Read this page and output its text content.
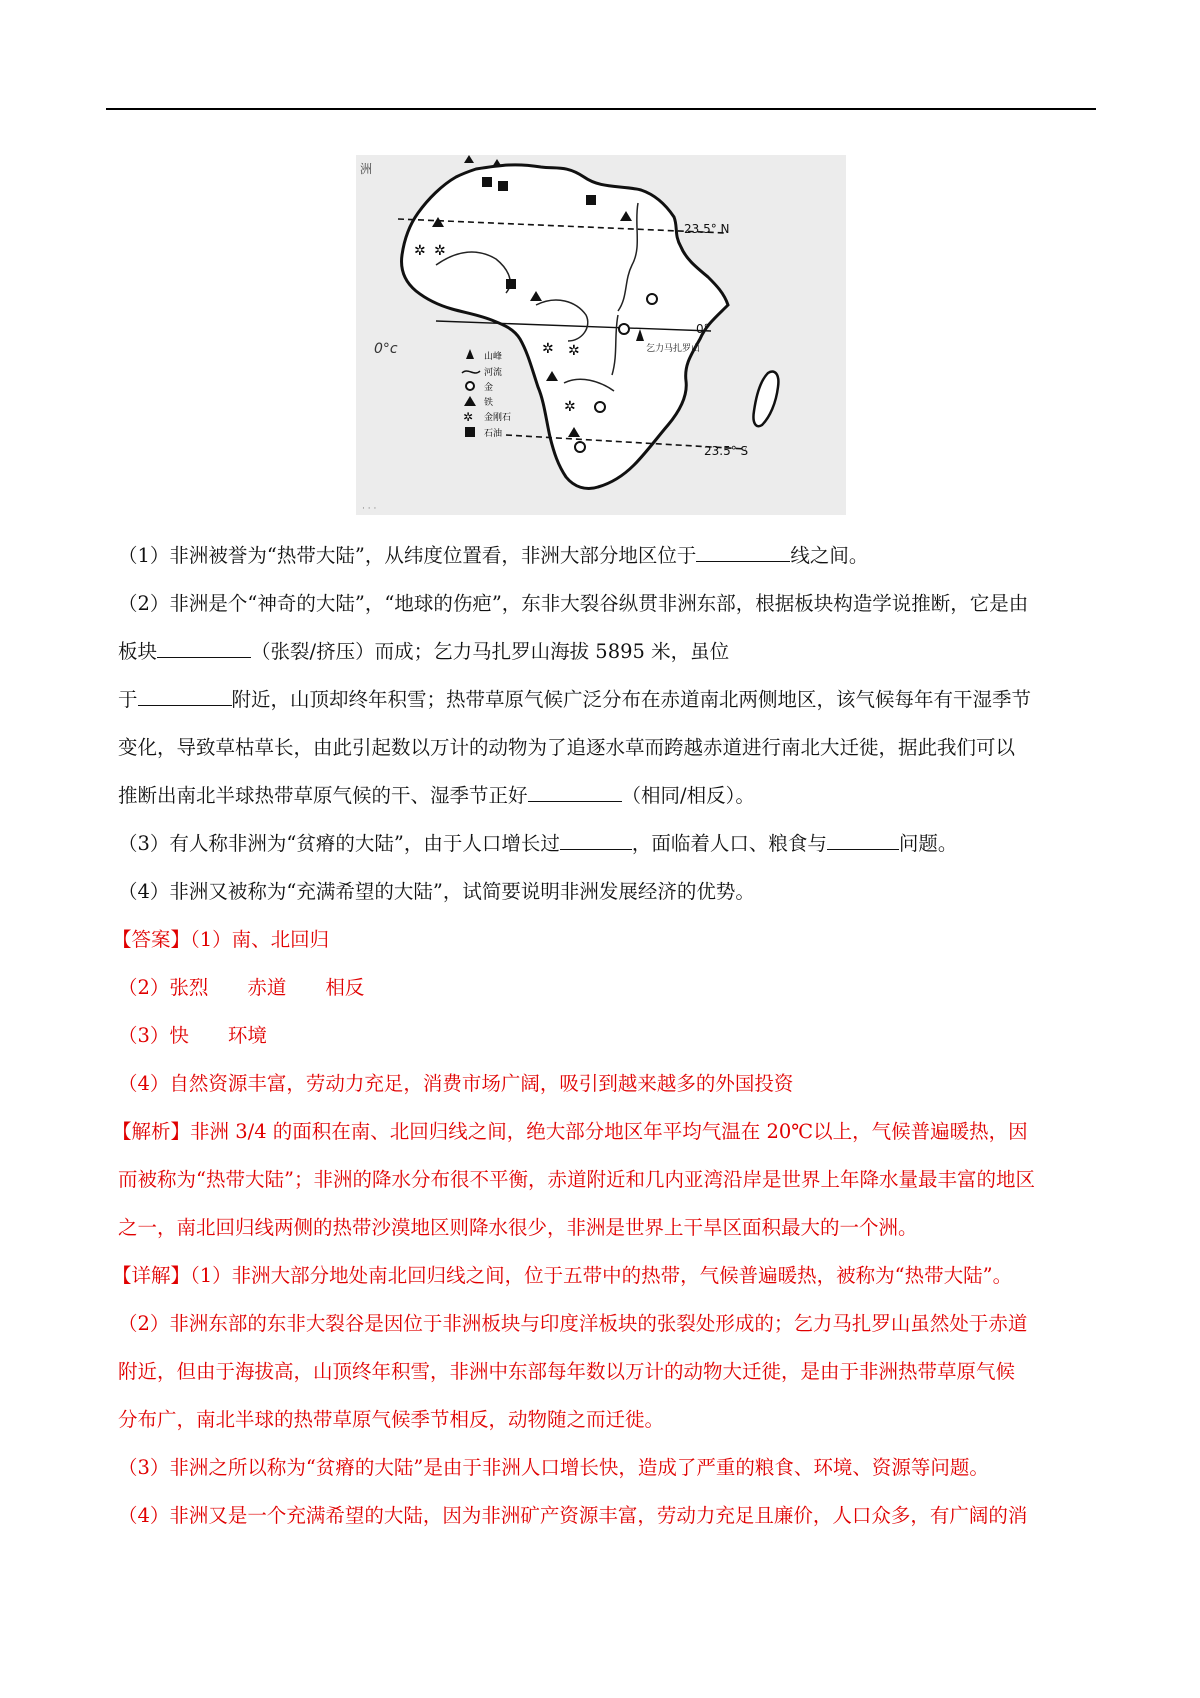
✲ ✲
✲ ✲
✲
乞力马扎罗山
洲
23.5° N
0°
23.5° S
0°c	山峰
河流
金
铁
✲ 金刚石
石油
· · ·
（1）非洲被誉为“热带大陆”，从纬度位置看，非洲大部分地区位于	线之间。
（2）非洲是个“神奇的大陆”，“地球的伤疤”，东非大裂谷纵贯非洲东部，根据板块构造学说推断，它是由
板块	（张裂/挤压）而成；乞力马扎罗山海拔 5895 米，虽位
于	附近，山顶却终年积雪；热带草原气候广泛分布在赤道南北两侧地区，该气候每年有干湿季节
变化，导致草枯草长，由此引起数以万计的动物为了追逐水草而跨越赤道进行南北大迁徙，据此我们可以
推断出南北半球热带草原气候的干、湿季节正好	（相同/相反）。
（3）有人称非洲为“贫瘠的大陆”，由于人口增长过	，面临着人口、粮食与	问题。
（4）非洲又被称为“充满希望的大陆”，试简要说明非洲发展经济的优势。
【答案】（1）南、北回归
（2）张烈　　赤道　　相反
（3）快　　环境
（4）自然资源丰富，劳动力充足，消费市场广阔，吸引到越来越多的外国投资
【解析】非洲 3/4 的面积在南、北回归线之间，绝大部分地区年平均气温在 20℃以上，气候普遍暖热，因
而被称为“热带大陆”；非洲的降水分布很不平衡，赤道附近和几内亚湾沿岸是世界上年降水量最丰富的地区
之一，南北回归线两侧的热带沙漠地区则降水很少，非洲是世界上干旱区面积最大的一个洲。
【详解】（1）非洲大部分地处南北回归线之间，位于五带中的热带，气候普遍暖热，被称为“热带大陆”。
（2）非洲东部的东非大裂谷是因位于非洲板块与印度洋板块的张裂处形成的；乞力马扎罗山虽然处于赤道
附近，但由于海拔高，山顶终年积雪，非洲中东部每年数以万计的动物大迁徙，是由于非洲热带草原气候
分布广，南北半球的热带草原气候季节相反，动物随之而迁徙。
（3）非洲之所以称为“贫瘠的大陆”是由于非洲人口增长快，造成了严重的粮食、环境、资源等问题。
（4）非洲又是一个充满希望的大陆，因为非洲矿产资源丰富，劳动力充足且廉价，人口众多，有广阔的消
